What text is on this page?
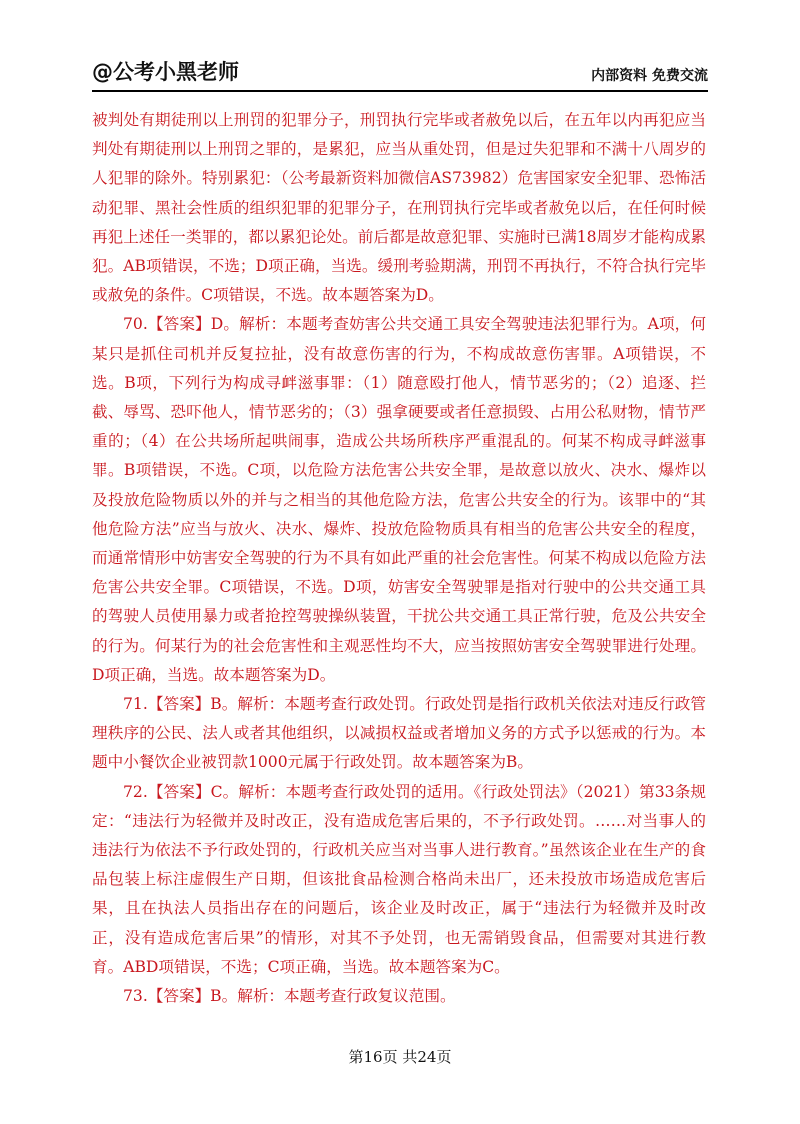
@公考小黑老师	内部资料 免费交流

被判处有期徒刑以上刑罚的犯罪分子，刑罚执行完毕或者赦免以后，在五年以内再犯应当判处有期徒刑以上刑罚之罪的，是累犯，应当从重处罚，但是过失犯罪和不满十八周岁的人犯罪的除外。特别累犯：（公考最新资料加微信AS73982）危害国家安全犯罪、恐怖活动犯罪、黑社会性质的组织犯罪的犯罪分子，在刑罚执行完毕或者赦免以后，在任何时候再犯上述任一类罪的，都以累犯论处。前后都是故意犯罪、实施时已满18周岁才能构成累犯。AB项错误，不选；D项正确，当选。缓刑考验期满，刑罚不再执行，不符合执行完毕或赦免的条件。C项错误，不选。故本题答案为D。

70.【答案】D。解析：本题考查妨害公共交通工具安全驾驶违法犯罪行为。A项，何某只是抓住司机并反复拉扯，没有故意伤害的行为，不构成故意伤害罪。A项错误，不选。B项，下列行为构成寻衅滋事罪：（1）随意殴打他人，情节恶劣的；（2）追逐、拦截、辱骂、恐吓他人，情节恶劣的；（3）强拿硬要或者任意损毁、占用公私财物，情节严重的；（4）在公共场所起哄闹事，造成公共场所秩序严重混乱的。何某不构成寻衅滋事罪。B项错误，不选。C项，以危险方法危害公共安全罪，是故意以放火、决水、爆炸以及投放危险物质以外的并与之相当的其他危险方法，危害公共安全的行为。该罪中的“其他危险方法”应当与放火、决水、爆炸、投放危险物质具有相当的危害公共安全的程度，而通常情形中妨害安全驾驶的行为不具有如此严重的社会危害性。何某不构成以危险方法危害公共安全罪。C项错误，不选。D项，妨害安全驾驶罪是指对行驶中的公共交通工具的驾驶人员使用暴力或者抢控驾驶操纵装置，干扰公共交通工具正常行驶，危及公共安全的行为。何某行为的社会危害性和主观恶性均不大，应当按照妨害安全驾驶罪进行处理。D项正确，当选。故本题答案为D。

71.【答案】B。解析：本题考查行政处罚。行政处罚是指行政机关依法对违反行政管理秩序的公民、法人或者其他组织，以减损权益或者增加义务的方式予以惩戒的行为。本题中小餐饮企业被罚款1000元属于行政处罚。故本题答案为B。

72.【答案】C。解析：本题考查行政处罚的适用。《行政处罚法》（2021）第33条规定：“违法行为轻微并及时改正，没有造成危害后果的，不予行政处罚。……对当事人的违法行为依法不予行政处罚的，行政机关应当对当事人进行教育。”虽然该企业在生产的食品包装上标注虚假生产日期，但该批食品检测合格尚未出厂，还未投放市场造成危害后果，且在执法人员指出存在的问题后，该企业及时改正，属于“违法行为轻微并及时改正，没有造成危害后果”的情形，对其不予处罚，也无需销毁食品，但需要对其进行教育。ABD项错误，不选；C项正确，当选。故本题答案为C。

73.【答案】B。解析：本题考查行政复议范围。

第16页 共24页
